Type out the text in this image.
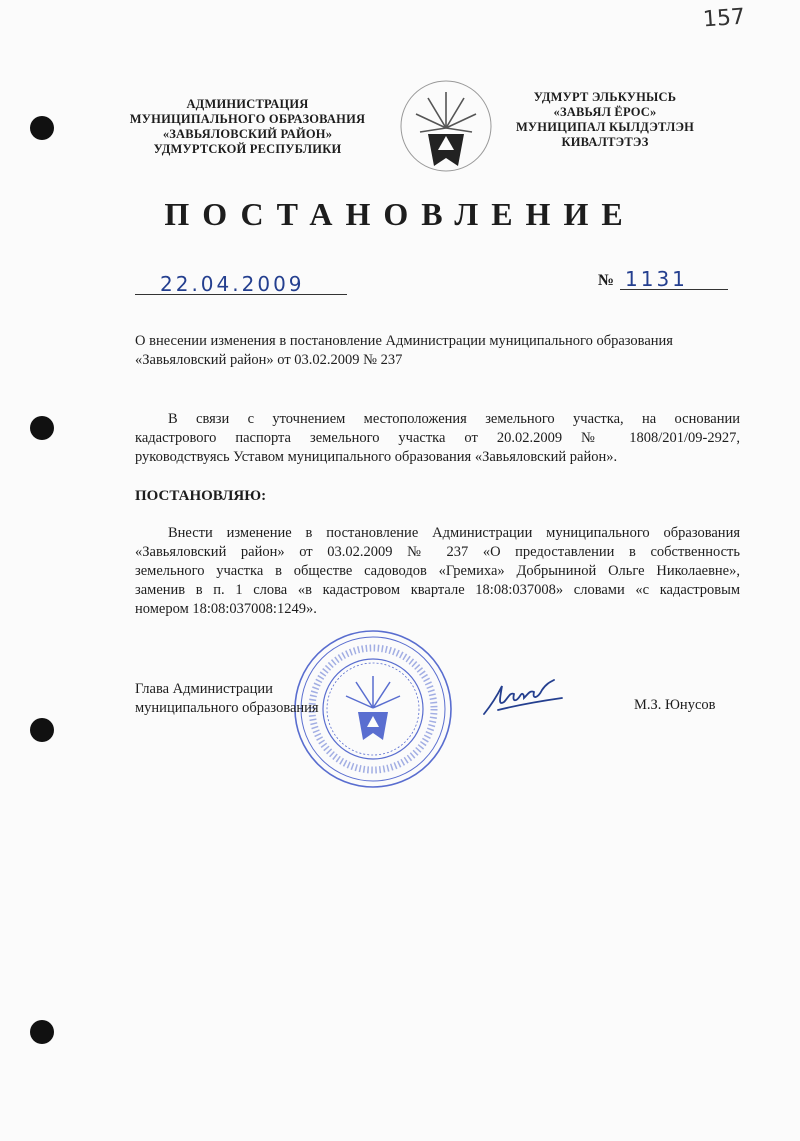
157
АДМИНИСТРАЦИЯ
МУНИЦИПАЛЬНОГО ОБРАЗОВАНИЯ
«ЗАВЬЯЛОВСКИЙ РАЙОН»
УДМУРТСКОЙ РЕСПУБЛИКИ
УДМУРТ ЭЛЬКУНЫСЬ
«ЗАВЬЯЛ ЁРОС»
МУНИЦИПАЛ КЫЛДЭТЛЭН
КИВАЛТЭТЭЗ
ПОСТАНОВЛЕНИЕ
22.04.2009	№ 1131
О внесении изменения в постановление Администрации муниципального образования
«Завьяловский район» от 03.02.2009 № 237
В связи с уточнением местоположения земельного участка, на основании
кадастрового паспорта земельного участка от 20.02.2009 № 1808/201/09-2927,
руководствуясь Уставом муниципального образования «Завьяловский район».
ПОСТАНОВЛЯЮ:
Внести изменение в постановление Администрации муниципального образования
«Завьяловский район» от 03.02.2009 № 237 «О предоставлении в собственность
земельного участка в обществе садоводов «Гремиха» Добрыниной Ольге Николаевне»,
заменив в п. 1 слова «в кадастровом квартале 18:08:037008» словами «с кадастровым
номером 18:08:037008:1249».
Глава Администрации
муниципального образования	М.З. Юнусов
